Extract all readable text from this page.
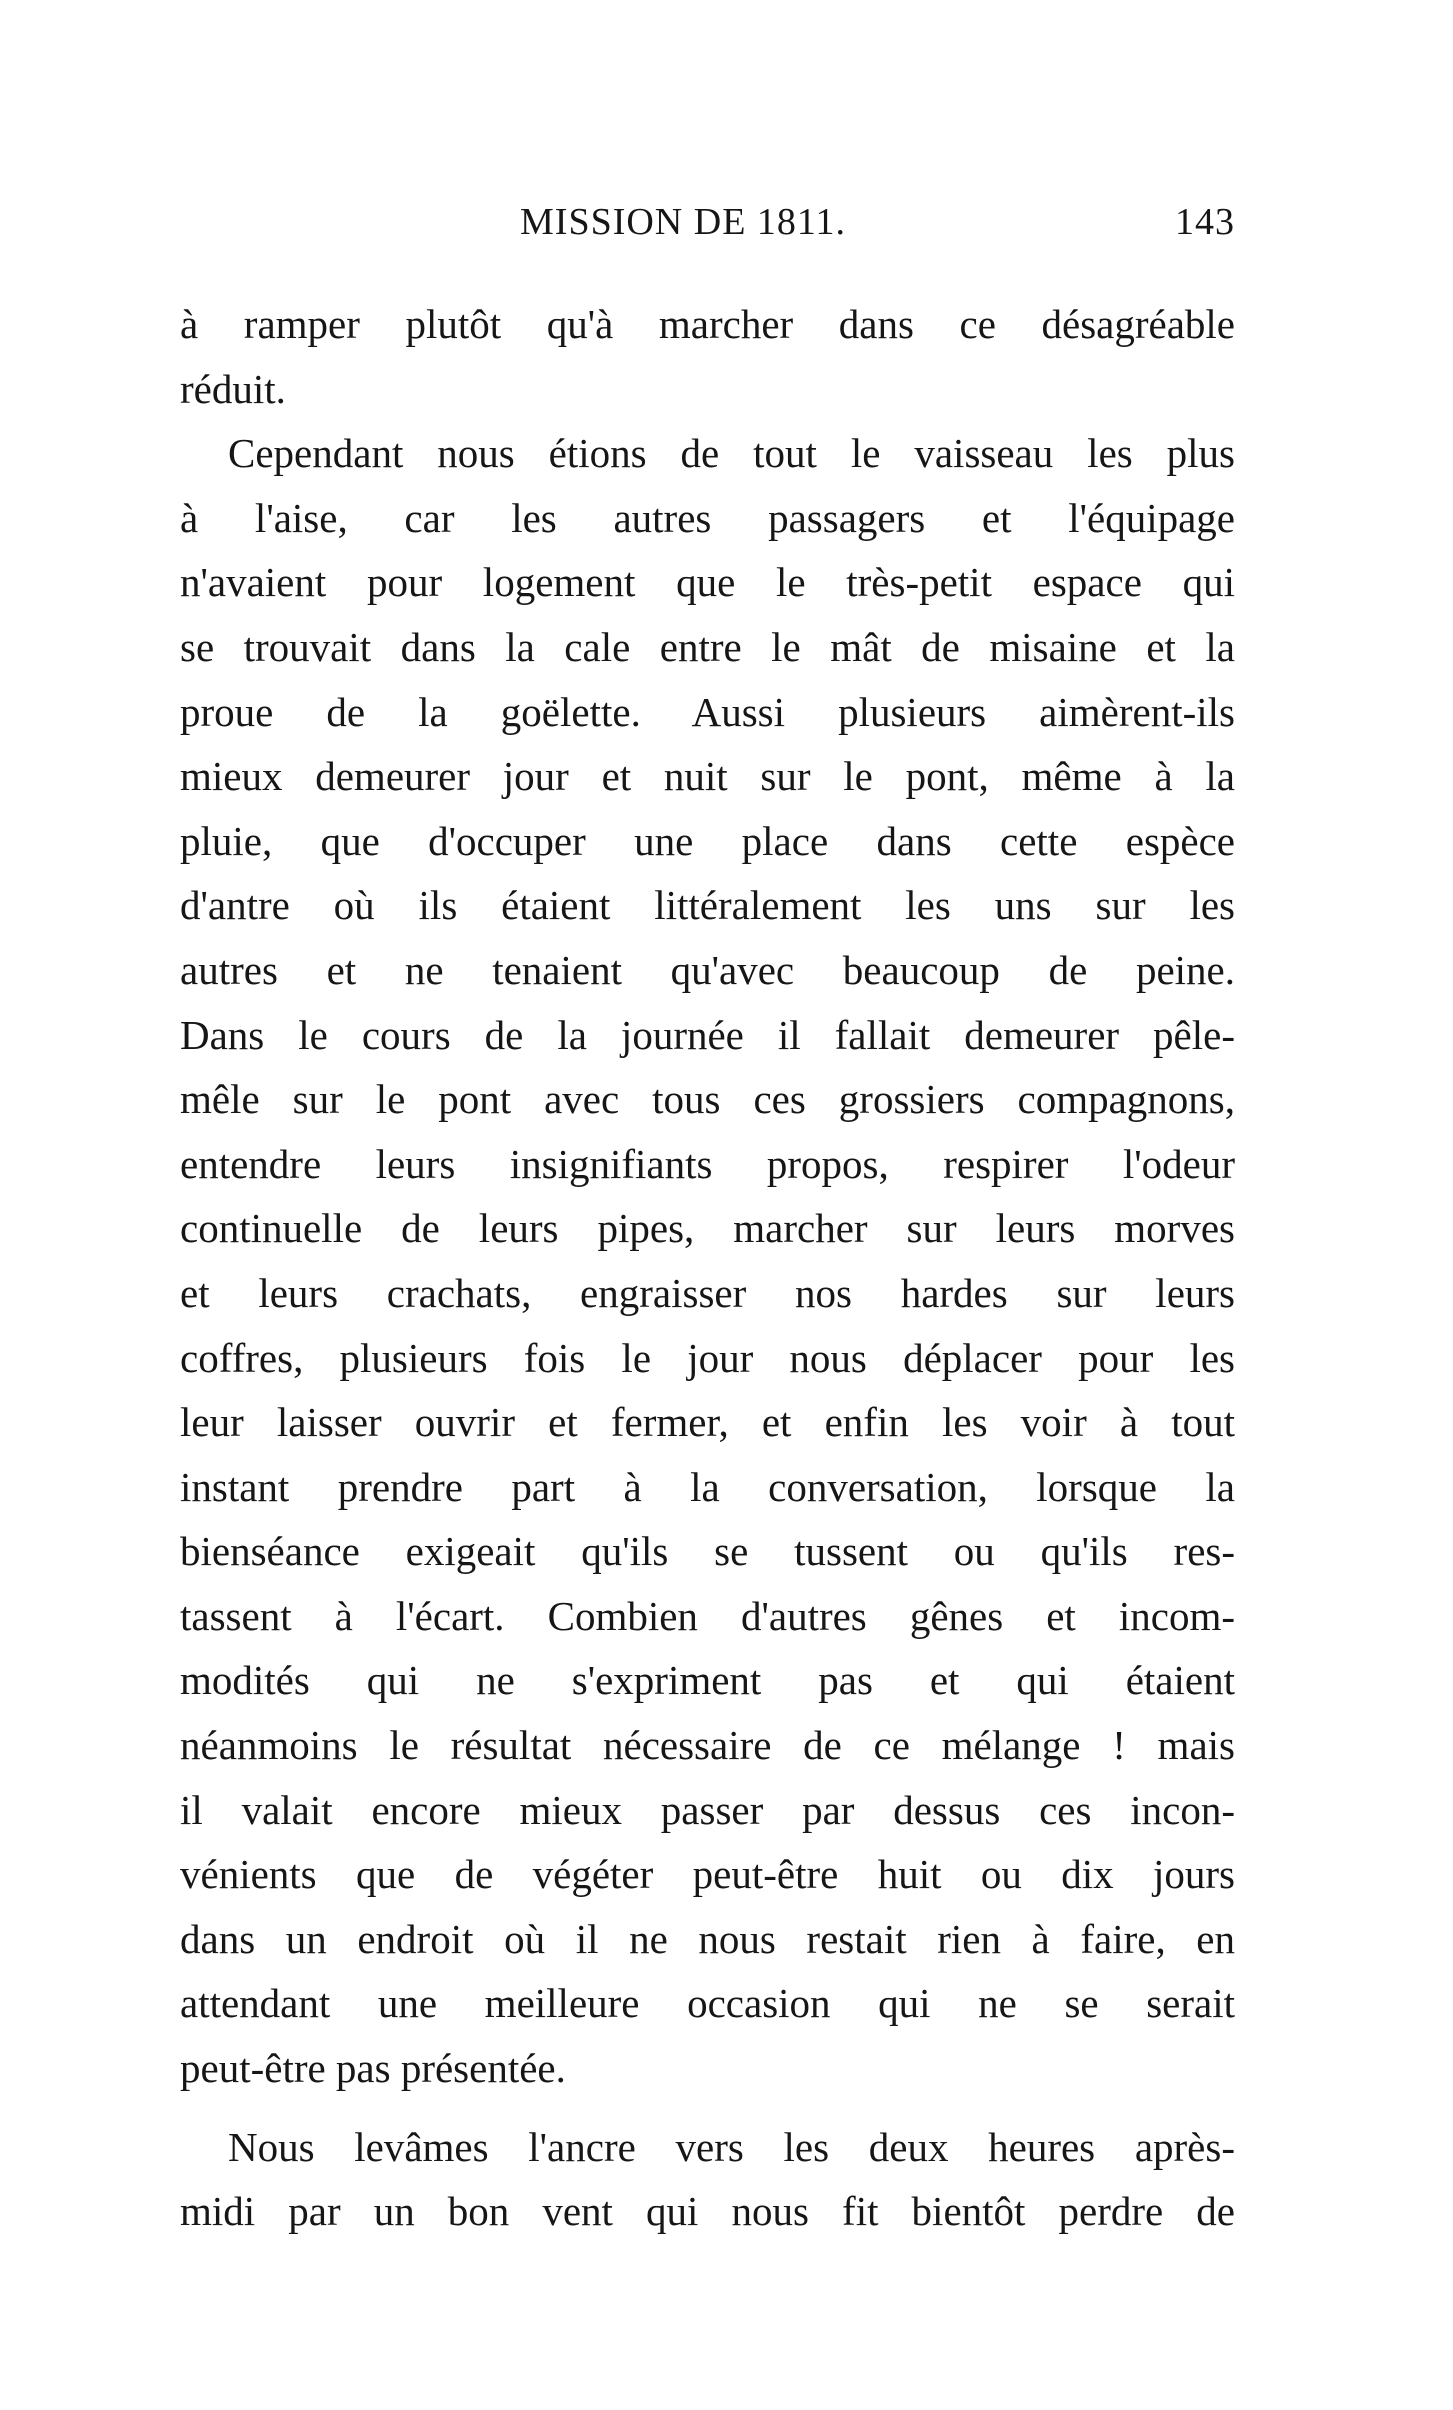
MISSION DE 1811.	143
à ramper plutôt qu'à marcher dans ce désagréable
réduit.
Cependant nous étions de tout le vaisseau les plus
à l'aise, car les autres passagers et l'équipage
n'avaient pour logement que le très-petit espace qui
se trouvait dans la cale entre le mât de misaine et la
proue de la goëlette. Aussi plusieurs aimèrent-ils
mieux demeurer jour et nuit sur le pont, même à la
pluie, que d'occuper une place dans cette espèce
d'antre où ils étaient littéralement les uns sur les
autres et ne tenaient qu'avec beaucoup de peine.
Dans le cours de la journée il fallait demeurer pêle-
mêle sur le pont avec tous ces grossiers compagnons,
entendre leurs insignifiants propos, respirer l'odeur
continuelle de leurs pipes, marcher sur leurs morves
et leurs crachats, engraisser nos hardes sur leurs
coffres, plusieurs fois le jour nous déplacer pour les
leur laisser ouvrir et fermer, et enfin les voir à tout
instant prendre part à la conversation, lorsque la
bienséance exigeait qu'ils se tussent ou qu'ils res-
tassent à l'écart. Combien d'autres gênes et incom-
modités qui ne s'expriment pas et qui étaient
néanmoins le résultat nécessaire de ce mélange ! mais
il valait encore mieux passer par dessus ces incon-
vénients que de végéter peut-être huit ou dix jours
dans un endroit où il ne nous restait rien à faire, en
attendant une meilleure occasion qui ne se serait
peut-être pas présentée.
Nous levâmes l'ancre vers les deux heures après-
midi par un bon vent qui nous fit bientôt perdre de
